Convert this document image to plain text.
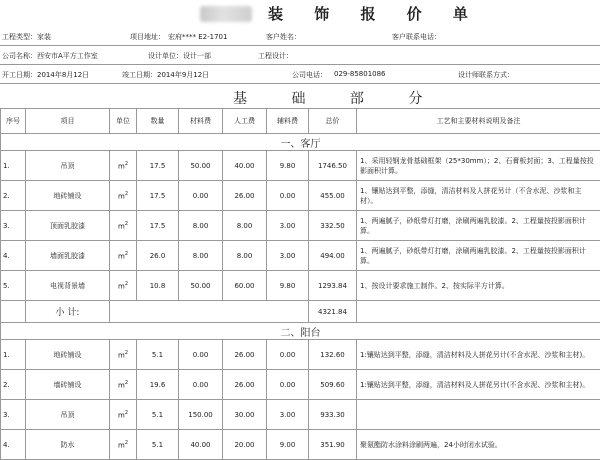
装 饰 报 价 单
工程类型：家装	项目地址： 宏府**** E2-1701	客户姓名：	客户联系电话：
公司名称：西安市A平方工作室	设计单位：设计一部	工程设计：
开工日期：2014年8月12日	竣工日期：2014年9月12日	公司电话： 029-85801086	设计师联系方式：
基 础 部 分
序号	项目	单位	数量	材料费	人工费	辅料费	总价	工艺和主要材料说明及备注
一、客厅								
1.	吊顶	$m^2$	17.5	50.00	40.00	9.80	1746.50	1、采用轻钢龙骨基础框架（25*30mm）；2、石膏板封面；3、工程量按投影面积计算。
2.	地砖铺设	$m^2$	17.5	0.00	26.00	0.00	455.00	1、镶贴达到平整，添缝，清洁材料及人拼花另计（不含水泥、沙浆和主材）。
3.	顶面乳胶漆	$m^2$	17.5	8.00	8.00	3.00	332.50	1、两遍腻子，砂纸带灯打磨，涂刷两遍乳胶漆。2、工程量按投影面积计算。
4.	墙面乳胶漆	$m^2$	26.0	8.00	8.00	3.00	494.00	1、两遍腻子，砂纸带灯打磨，涂刷两遍乳胶漆。2、工程量按投影面积计算。
5.	电视背景墙	$m^2$	10.8	50.00	60.00	9.80	1293.84	1、按设计要求施工制作。2、按实际平方计算。
	小 计:						4321.84	
二、阳台								
1.	地砖铺设	$m^2$	5.1	0.00	26.00	0.00	132.60	1:镶贴达到平整，添缝，清洁材料及人拼花另计(不含水泥、沙浆和主材)。
2.	墙砖铺设	$m^2$	19.6	0.00	26.00	0.00	509.60	1:镶贴达到平整，添缝，清洁材料及人拼花另计(不含水泥、沙浆和主材)。
3.	吊顶	$m^2$	5.1	150.00	30.00	3.00	933.30	
4.	防水	$m^2$	5.1	40.00	20.00	9.00	351.90	聚氨酯防水涂料涂刷两遍，24小时闭水试验。
